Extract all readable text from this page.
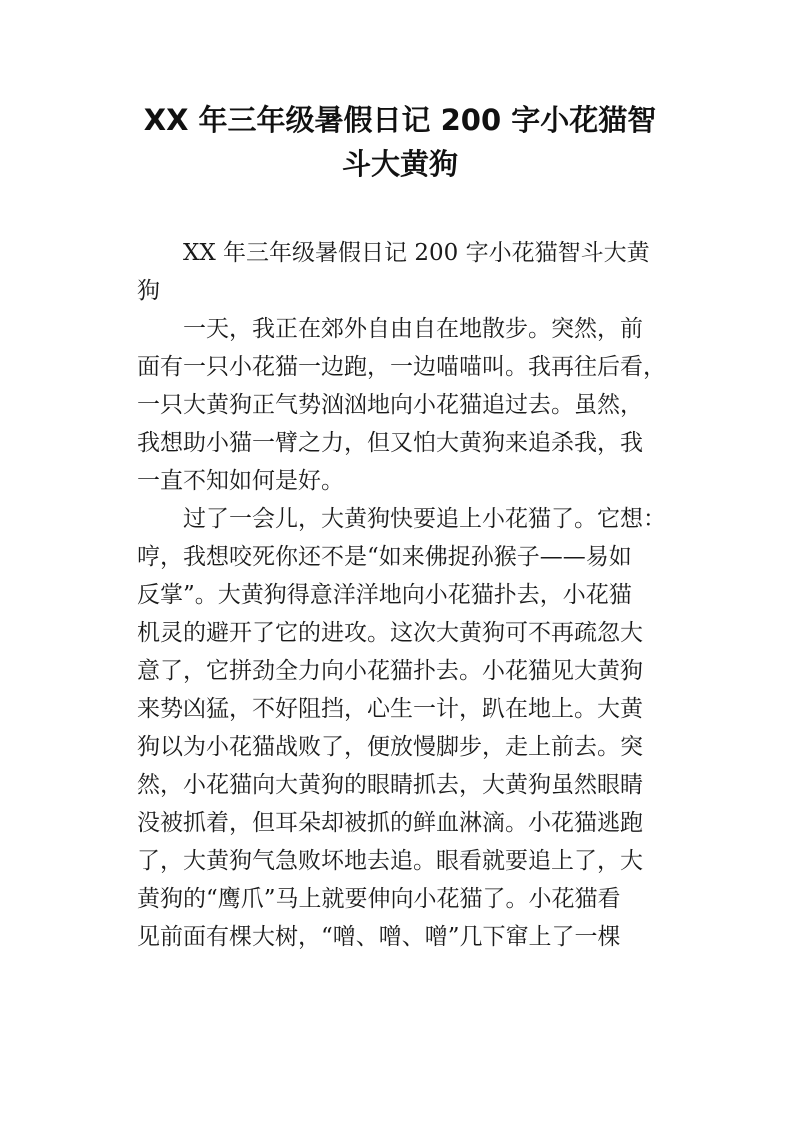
XX 年三年级暑假日记 200 字小花猫智
斗大黄狗

XX 年三年级暑假日记 200 字小花猫智斗大黄
狗

一天，我正在郊外自由自在地散步。突然，前
面有一只小花猫一边跑，一边喵喵叫。我再往后看，
一只大黄狗正气势汹汹地向小花猫追过去。虽然，
我想助小猫一臂之力，但又怕大黄狗来追杀我，我
一直不知如何是好。

过了一会儿，大黄狗快要追上小花猫了。它想：
哼，我想咬死你还不是“如来佛捉孙猴子——易如
反掌”。大黄狗得意洋洋地向小花猫扑去，小花猫
机灵的避开了它的进攻。这次大黄狗可不再疏忽大
意了，它拼劲全力向小花猫扑去。小花猫见大黄狗
来势凶猛，不好阻挡，心生一计，趴在地上。大黄
狗以为小花猫战败了，便放慢脚步，走上前去。突
然，小花猫向大黄狗的眼睛抓去，大黄狗虽然眼睛
没被抓着，但耳朵却被抓的鲜血淋滴。小花猫逃跑
了，大黄狗气急败坏地去追。眼看就要追上了，大
黄狗的“鹰爪”马上就要伸向小花猫了。小花猫看
见前面有棵大树，“噌、噌、噌”几下窜上了一棵
